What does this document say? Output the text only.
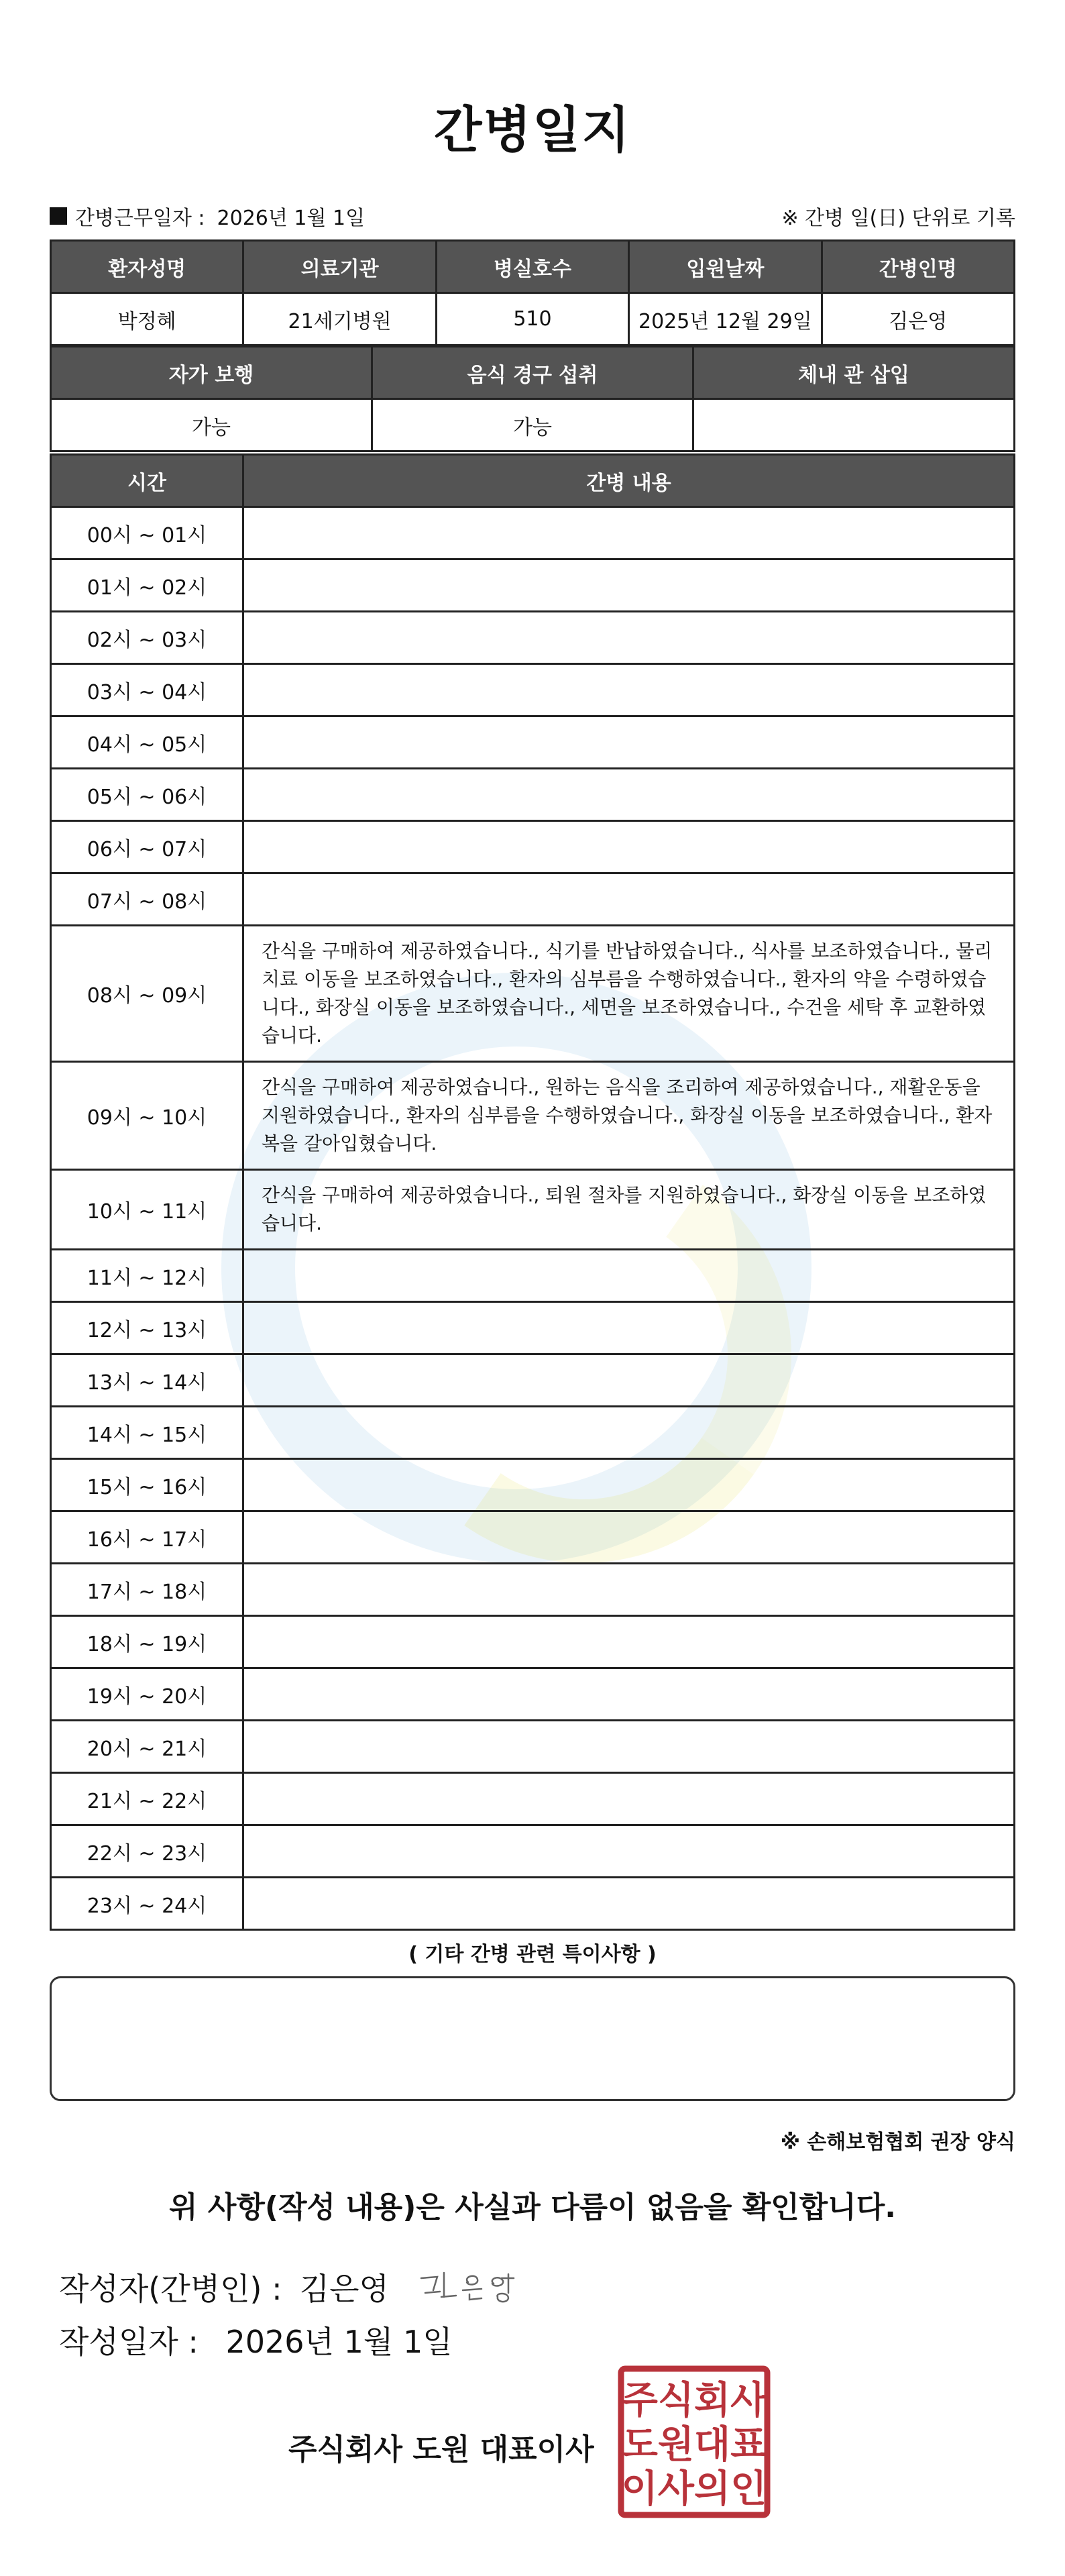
간병일지
간병근무일자 : 2026년 1월 1일	※ 간병 일(日) 단위로 기록
환자성명	의료기관	병실호수	입원날짜	간병인명
박정혜	21세기병원	510	2025년 12월 29일	김은영
자가 보행	음식 경구 섭취	체내 관 삽입
가능	가능	
시간	간병 내용
00시 ~ 01시	
01시 ~ 02시	
02시 ~ 03시	
03시 ~ 04시	
04시 ~ 05시	
05시 ~ 06시	
06시 ~ 07시	
07시 ~ 08시	
08시 ~ 09시	간식을 구매하여 제공하였습니다., 식기를 반납하였습니다., 식사를 보조하였습니다., 물리치료 이동을 보조하였습니다., 환자의 심부름을 수행하였습니다., 환자의 약을 수령하였습니다., 화장실 이동을 보조하였습니다., 세면을 보조하였습니다., 수건을 세탁 후 교환하였습니다.
09시 ~ 10시	간식을 구매하여 제공하였습니다., 원하는 음식을 조리하여 제공하였습니다., 재활운동을 지원하였습니다., 환자의 심부름을 수행하였습니다., 화장실 이동을 보조하였습니다., 환자복을 갈아입혔습니다.
10시 ~ 11시	간식을 구매하여 제공하였습니다., 퇴원 절차를 지원하였습니다., 화장실 이동을 보조하였습니다.
11시 ~ 12시	
12시 ~ 13시	
13시 ~ 14시	
14시 ~ 15시	
15시 ~ 16시	
16시 ~ 17시	
17시 ~ 18시	
18시 ~ 19시	
19시 ~ 20시	
20시 ~ 21시	
21시 ~ 22시	
22시 ~ 23시	
23시 ~ 24시	
( 기타 간병 관련 특이사항 )
※ 손해보험협회 권장 양식
위 사항(작성 내용)은 사실과 다름이 없음을 확인합니다.
작성자(간병인) : 김은영
작성일자 : 2026년 1월 1일
주식회사 도원 대표이사
주식회사
도원대표
이사의인
